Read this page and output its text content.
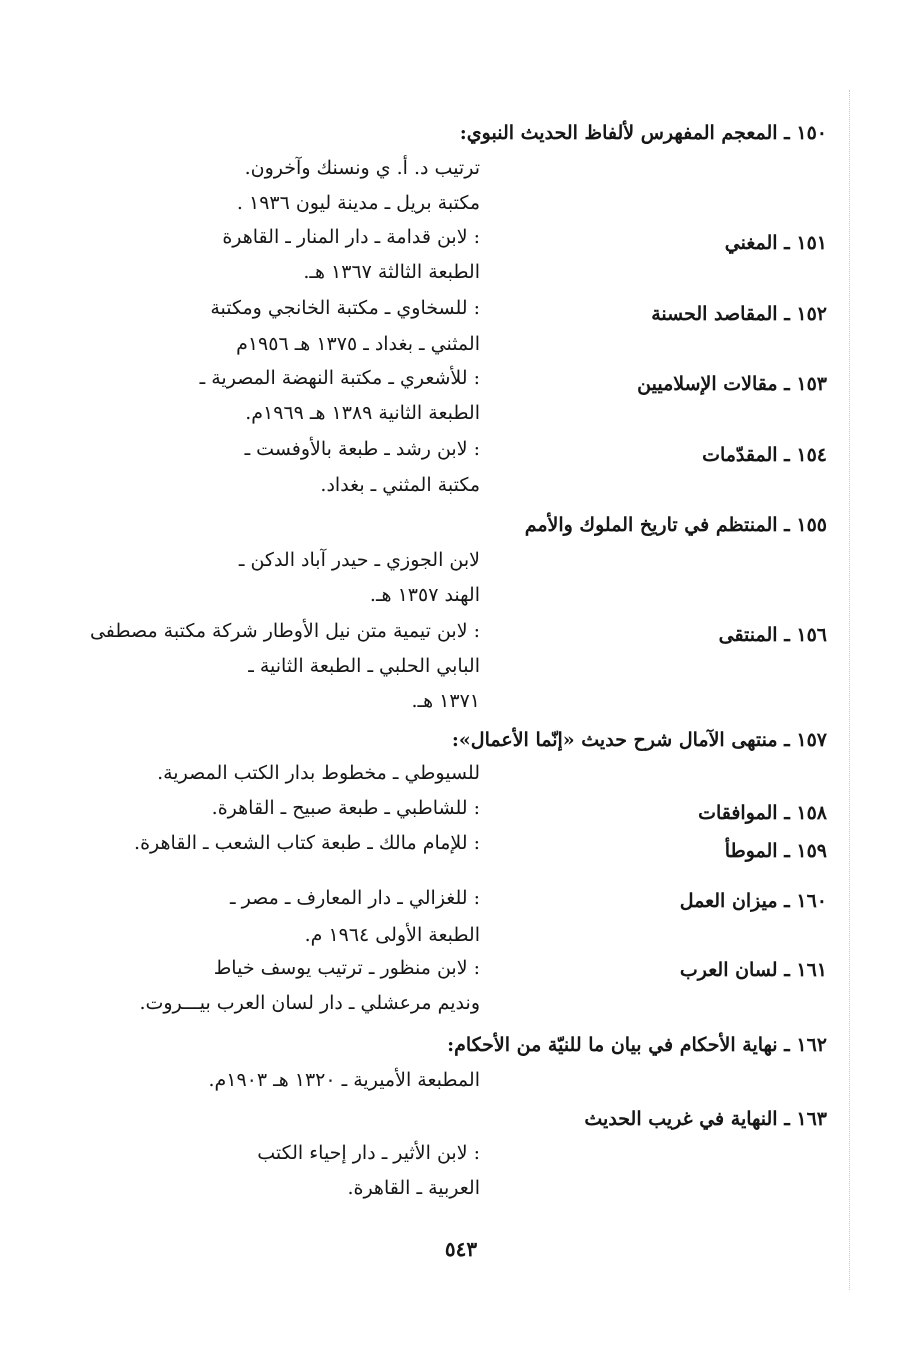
١٥٠ ـ المعجم المفهرس لألفاظ الحديث النبوي:
ترتيب د. أ. ي ونسنك وآخرون.
مكتبة بريل ـ مدينة ليون ١٩٣٦ .
١٥١ ـ المغني
: لابن قدامة ـ دار المنار ـ القاهرة
الطبعة الثالثة ١٣٦٧ هـ.
١٥٢ ـ المقاصد الحسنة
: للسخاوي ـ مكتبة الخانجي ومكتبة
المثني ـ بغداد ـ ١٣٧٥ هـ ١٩٥٦م
١٥٣ ـ مقالات الإسلاميين
: للأشعري ـ مكتبة النهضة المصرية ـ
الطبعة الثانية ١٣٨٩ هـ ١٩٦٩م.
١٥٤ ـ المقدّمات
: لابن رشد ـ طبعة بالأوفست ـ
مكتبة المثني ـ بغداد.
١٥٥ ـ المنتظم في تاريخ الملوك والأمم
لابن الجوزي ـ حيدر آباد الدكن ـ
الهند ١٣٥٧ هـ.
١٥٦ ـ المنتقى
: لابن تيمية متن نيل الأوطار شركة مكتبة مصطفى
البابي الحلبي ـ الطبعة الثانية ـ
١٣٧١ هـ.
١٥٧ ـ منتهى الآمال شرح حديث «إنّما الأعمال»:
للسيوطي ـ مخطوط بدار الكتب المصرية.
١٥٨ ـ الموافقات
: للشاطبي ـ طبعة صبيح ـ القاهرة.
١٥٩ ـ الموطأ
: للإمام مالك ـ طبعة كتاب الشعب ـ القاهرة.
١٦٠ ـ ميزان العمل
: للغزالي ـ دار المعارف ـ مصر ـ
الطبعة الأولى ١٩٦٤ م.
١٦١ ـ لسان العرب
: لابن منظور ـ ترتيب يوسف خياط
ونديم مرعشلي ـ دار لسان العرب بيـــروت.
١٦٢ ـ نهاية الأحكام في بيان ما للنيّة من الأحكام:
المطبعة الأميرية ـ ١٣٢٠ هـ ١٩٠٣م.
١٦٣ ـ النهاية في غريب الحديث
: لابن الأثير ـ دار إحياء الكتب
العربية ـ القاهرة.
٥٤٣
